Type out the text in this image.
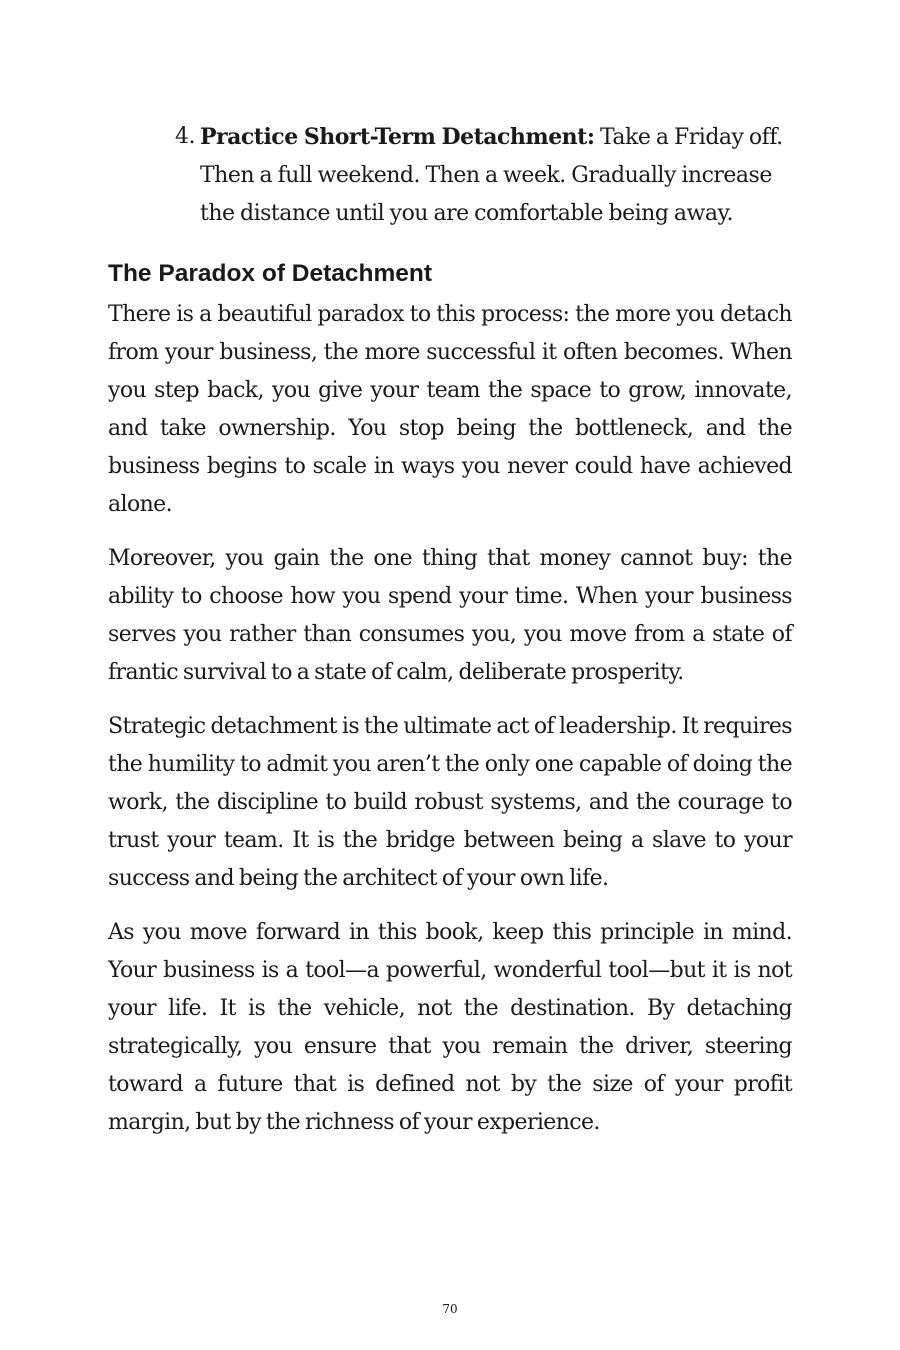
4. Practice Short-Term Detachment: Take a Friday off. Then a full weekend. Then a week. Gradually increase the distance until you are comfortable being away.
The Paradox of Detachment

There is a beautiful paradox to this process: the more you detach from your business, the more successful it often becomes. When you step back, you give your team the space to grow, innovate, and take ownership. You stop being the bottleneck, and the business begins to scale in ways you never could have achieved alone.

Moreover, you gain the one thing that money cannot buy: the ability to choose how you spend your time. When your business serves you rather than consumes you, you move from a state of frantic survival to a state of calm, deliberate prosperity.

Strategic detachment is the ultimate act of leadership. It requires the humility to admit you aren’t the only one capable of doing the work, the discipline to build robust systems, and the courage to trust your team. It is the bridge between being a slave to your success and being the architect of your own life.

As you move forward in this book, keep this principle in mind. Your business is a tool—a powerful, wonderful tool—but it is not your life. It is the vehicle, not the destination. By detaching strategically, you ensure that you remain the driver, steering toward a future that is defined not by the size of your profit margin, but by the richness of your experience.

70
